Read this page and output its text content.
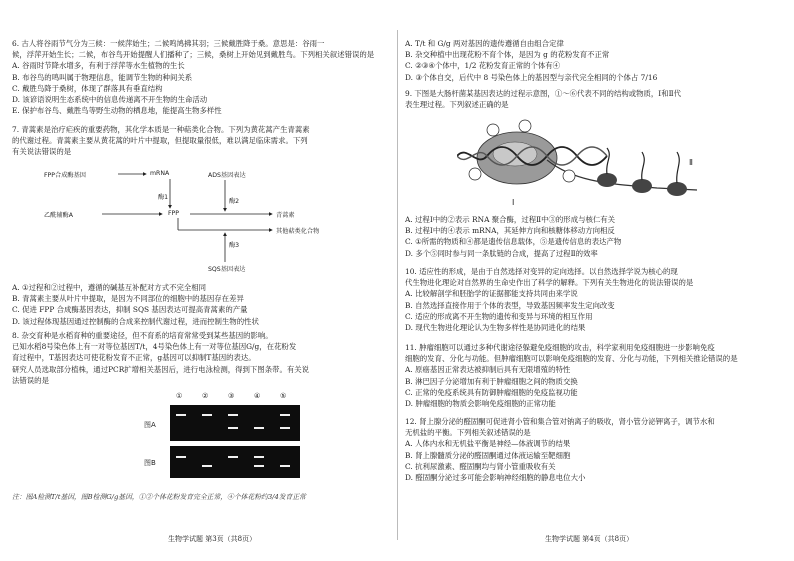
6. 古人将谷雨节气分为三候：一候萍始生；二候鸣鸠拂其羽；三候戴胜降于桑。意思是：谷雨一
候，浮萍开始生长；二候，布谷鸟开始提醒人们播种了；三候，桑树上开始见到戴胜鸟。下列相关叙述错误的是
A. 谷雨时节降水增多，有利于浮萍等水生植物的生长
B. 布谷鸟的鸣叫属于物理信息，能调节生物的种间关系
C. 戴胜鸟降于桑树，体现了群落具有垂直结构
D. 该谚语说明生态系统中的信息传递离不开生物的生命活动
E. 保护布谷鸟、戴胜鸟等野生动物的栖息地，能提高生物多样性
7. 青蒿素是治疗疟疾的重要药物，其化学本质是一种萜类化合物。下列为黄花蒿产生青蒿素
的代谢过程。青蒿素主要从黄花蒿的叶片中提取，但提取量很低，难以满足临床需求。下列
有关说法错误的是
FPP合成酶基因	mRNA	ADS基因表达
酶1
酶2
乙酰辅酶A	FPP	青蒿素
其他萜类化合物
酶3
SQS基因表达
A. ①过程和②过程中，遵循的碱基互补配对方式不完全相同
B. 青蒿素主要从叶片中提取，是因为不同部位的细胞中的基因存在差异
C. 促进 FPP 合成酶基因表达，抑制 SQS 基因表达可提高青蒿素的产量
D. 该过程体现基因通过控制酶的合成来控制代谢过程，进而控制生物的性状
8. 杂交育种是水稻育种的重要途径，但不育系的培育常常受到某些基因的影响。
已知水稻8号染色体上有一对等位基因T/t，4号染色体上有一对等位基因G/g，在花粉发
育过程中，T基因表达可使花粉发育不正常，g基因可以抑制T基因的表达。
研究人员选取部分植株，通过PCR扩增相关基因后，进行电泳检测，得到下图条带。有关说
法错误的是
①	②	③	④	⑤
图A
图B
注：图A检测T/t基因，图B检测G/g基因，①②个体花粉发育完全正常，④个体花粉约3/4发育正常
生物学试题 第3页（共8页）
A. T/t 和 G/g 两对基因的遗传遵循自由组合定律
B. 杂交种植中出现花粉不育个体，是因为 g 的花粉发育不正常
C. ②③④个体中，1/2 花粉发育正常的个体有④
D. ③个体自交，后代中 8 号染色体上的基因型与亲代完全相同的个体占 7/16
9. 下图是大肠杆菌某基因表达的过程示意图，①～⑥代表不同的结构或物质，Ⅰ和Ⅱ代
表生理过程。下列叙述正确的是
Ⅰ
Ⅱ
A. 过程Ⅰ中的②表示 RNA 聚合酶，过程Ⅱ中③的形成与核仁有关
B. 过程Ⅰ中的④表示 mRNA，其延伸方向和核糖体移动方向相反
C. ①所需的物质和④都是遗传信息载体，⑤是遗传信息的表达产物
D. 多个⑤同时参与同一条肽链的合成，提高了过程Ⅱ的效率
10. 适应性的形成，是由于自然选择对变异的定向选择。以自然选择学说为核心的现
代生物进化理论对自然界的生命史作出了科学的解释。下列有关生物进化的说法错误的是
A. 比较解剖学和胚胎学的证据都能支持共同由来学说
B. 自然选择直接作用于个体的表型，导致基因频率发生定向改变
C. 适应的形成离不开生物的遗传和变异与环境的相互作用
D. 现代生物进化理论认为生物多样性是协同进化的结果
11. 肿瘤细胞可以通过多种代谢途径躲避免疫细胞的攻击，科学家利用免疫细胞进一步影响免疫
细胞的发育、分化与功能。但肿瘤细胞可以影响免疫细胞的发育、分化与功能，下列相关推论错误的是
A. 原癌基因正常表达被抑制后具有无限增殖的特性
B. 淋巴因子分泌增加有利于肿瘤细胞之间的物质交换
C. 正常的免疫系统具有防御肿瘤细胞的免疫监视功能
D. 肿瘤细胞的物质会影响免疫细胞的正常功能
12. 肾上腺分泌的醛固酮可促进肾小管和集合管对钠离子的吸收，肾小管分泌钾离子，调节水和
无机盐的平衡。下列相关叙述错误的是
A. 人体内水和无机盐平衡是神经—体液调节的结果
B. 肾上腺髓质分泌的醛固酮通过体液运输至靶细胞
C. 抗利尿激素、醛固酮均与肾小管重吸收有关
D. 醛固酮分泌过多可能会影响神经细胞的静息电位大小
生物学试题 第4页（共8页）
